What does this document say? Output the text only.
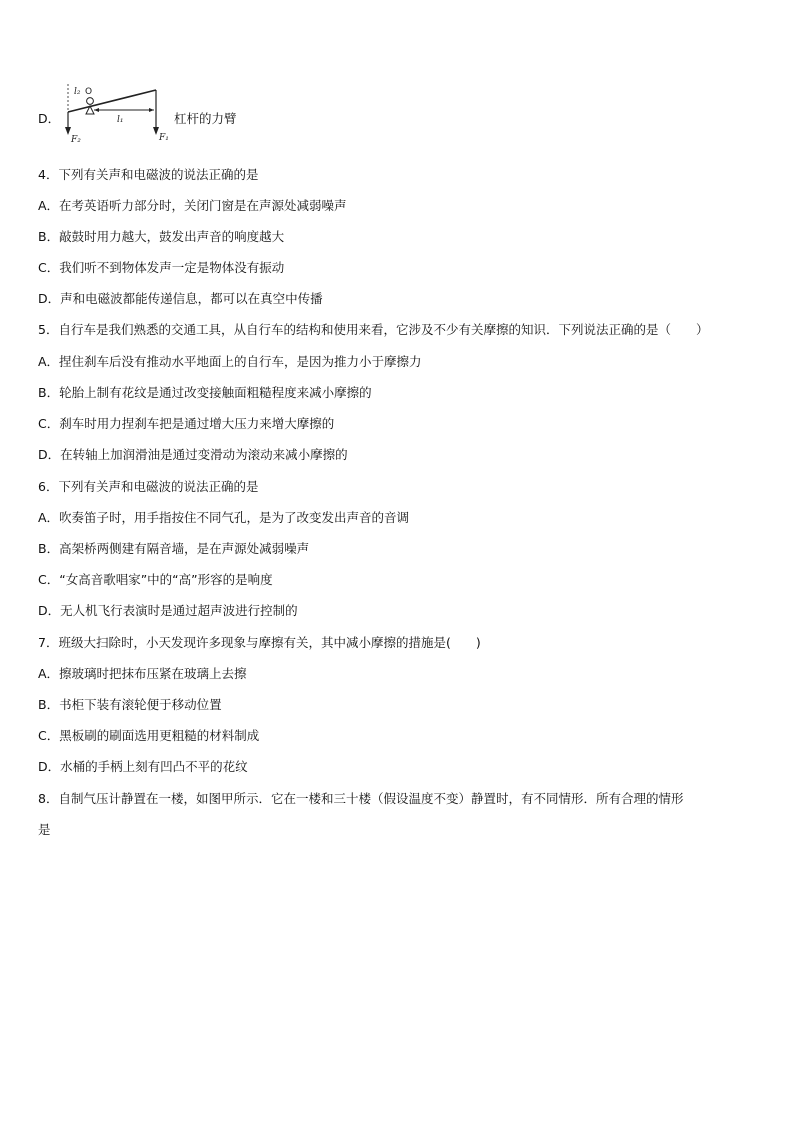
D．
l₂ O
l₁
F₂	F₁
杠杆的力臂
4．下列有关声和电磁波的说法正确的是
A．在考英语听力部分时，关闭门窗是在声源处减弱噪声
B．敲鼓时用力越大，鼓发出声音的响度越大
C．我们听不到物体发声一定是物体没有振动
D．声和电磁波都能传递信息，都可以在真空中传播
5．自行车是我们熟悉的交通工具，从自行车的结构和使用来看，它涉及不少有关摩擦的知识．下列说法正确的是（　　）
A．捏住刹车后没有推动水平地面上的自行车，是因为推力小于摩擦力
B．轮胎上制有花纹是通过改变接触面粗糙程度来减小摩擦的
C．刹车时用力捏刹车把是通过增大压力来增大摩擦的
D．在转轴上加润滑油是通过变滑动为滚动来减小摩擦的
6．下列有关声和电磁波的说法正确的是
A．吹奏笛子时，用手指按住不同气孔，是为了改变发出声音的音调
B．高架桥两侧建有隔音墙，是在声源处减弱噪声
C．“女高音歌唱家”中的“高”形容的是响度
D．无人机飞行表演时是通过超声波进行控制的
7．班级大扫除时，小天发现许多现象与摩擦有关，其中减小摩擦的措施是(　　)
A．擦玻璃时把抹布压紧在玻璃上去擦
B．书柜下装有滚轮便于移动位置
C．黑板刷的刷面选用更粗糙的材料制成
D．水桶的手柄上刻有凹凸不平的花纹
8．自制气压计静置在一楼，如图甲所示．它在一楼和三十楼（假设温度不变）静置时，有不同情形．所有合理的情形
是
